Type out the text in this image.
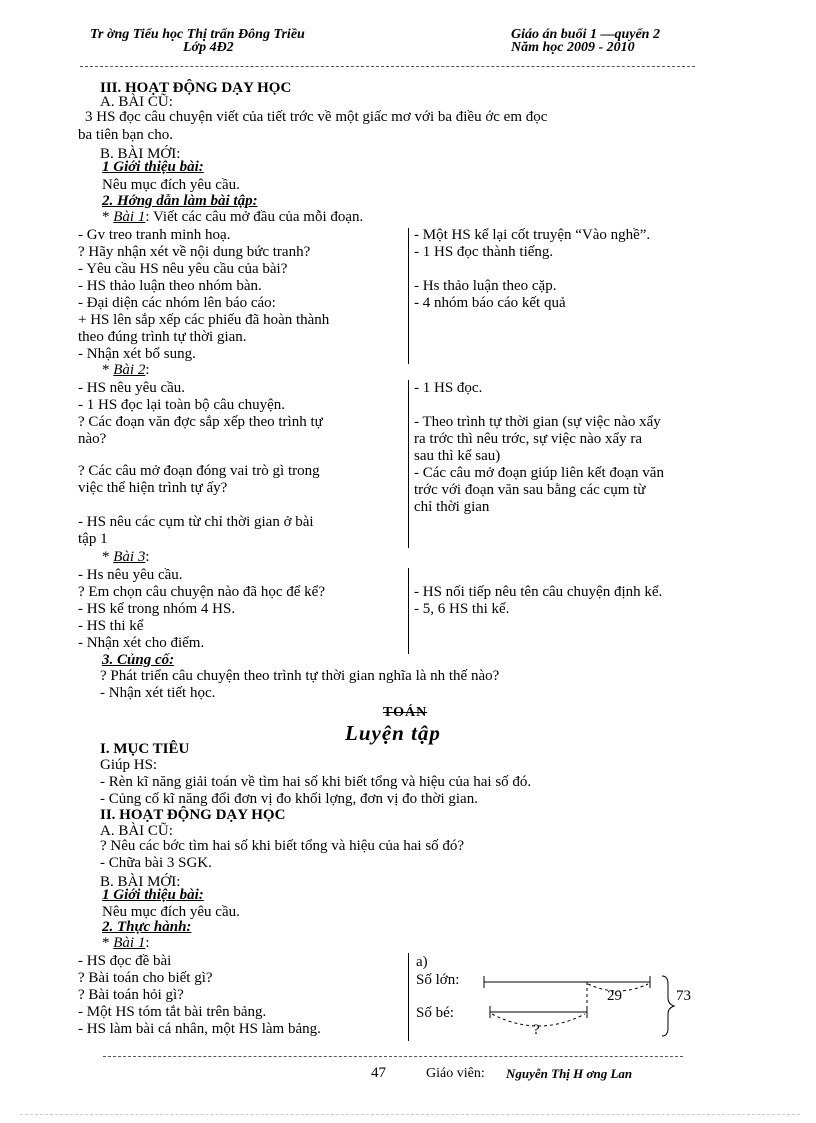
Tr ờng Tiểu học Thị trấn Đông Triều
Lớp 4Đ2
Giáo án buổi 1 —quyển 2
Năm học 2009 - 2010
III. HOẠT ĐỘNG DẠY HỌC
A. BÀI CŨ:
3 HS đọc câu chuyện viết của tiết trớc về một giấc mơ với ba điều ớc em đọc
ba tiên bạn cho.
B. BÀI MỚI:
1 Giới thiệu bài:
Nêu mục đích yêu cầu.
2. Hớng dẫn làm bài tập:
* Bài 1: Viết các câu mở đầu của mỗi đoạn.
- Gv treo tranh minh hoạ.
? Hãy nhận xét về nội dung bức tranh?
- Yêu cầu HS nêu yêu cầu của bài?
- HS thảo luận theo nhóm bàn.
- Đại diện các nhóm lên báo cáo:
+ HS lên sắp xếp các phiếu đã hoàn thành
theo đúng trình tự thời gian.
- Nhận xét bổ sung.
- Một HS kể lại cốt truyện “Vào nghề”.
- 1 HS đọc thành tiếng.
- Hs thảo luận theo cặp.
- 4 nhóm báo cáo kết quả
* Bài 2:
- HS nêu yêu cầu.
- 1 HS đọc lại toàn bộ câu chuyện.
? Các đoạn văn đợc sắp xếp theo trình tự
nào?
? Các câu mở đoạn đóng vai trò gì trong
việc thể hiện trình tự ấy?
- HS nêu các cụm từ chỉ thời gian ở bài
tập 1
- 1 HS đọc.
- Theo trình tự thời gian (sự việc nào xẩy
ra trớc thì nêu trớc, sự việc nào xẩy ra
sau thì kể sau)
- Các câu mở đoạn giúp liên kết đoạn văn
trớc với đoạn văn sau bằng các cụm từ
chỉ thời gian
* Bài 3:
- Hs nêu yêu cầu.
? Em chọn câu chuyện nào đã học để kể?
- HS kể trong nhóm 4 HS.
- HS thi kể
- Nhận xét cho điểm.
- HS nối tiếp nêu tên câu chuyện định kể.
- 5, 6 HS thi kể.
3. Củng cố:
? Phát triển câu chuyện theo trình tự thời gian nghĩa là nh thế nào?
- Nhận xét tiết học.
TOÁN
Luyện tập
I. MỤC TIÊU
Giúp HS:
- Rèn kĩ năng giải toán về tìm hai số khi biết tổng và hiệu của hai số đó.
- Củng cố kĩ năng đổi đơn vị đo khối lợng, đơn vị đo thời gian.
II. HOẠT ĐỘNG DẠY HỌC
A. BÀI CŨ:
? Nêu các bớc tìm hai số khi biết tổng và hiệu của hai số đó?
- Chữa bài 3 SGK.
B. BÀI MỚI:
1 Giới thiệu bài:
Nêu mục đích yêu cầu.
2. Thực hành:
* Bài 1:
- HS đọc đề bài
? Bài toán cho biết gì?
? Bài toán hỏi gì?
- Một HS tóm tắt bài trên bảng.
- HS làm bài cá nhân, một HS làm bảng.
a)
Số lớn:
Số bé:
29	73
?
47	Giáo viên: Nguyễn Thị H ơng Lan
